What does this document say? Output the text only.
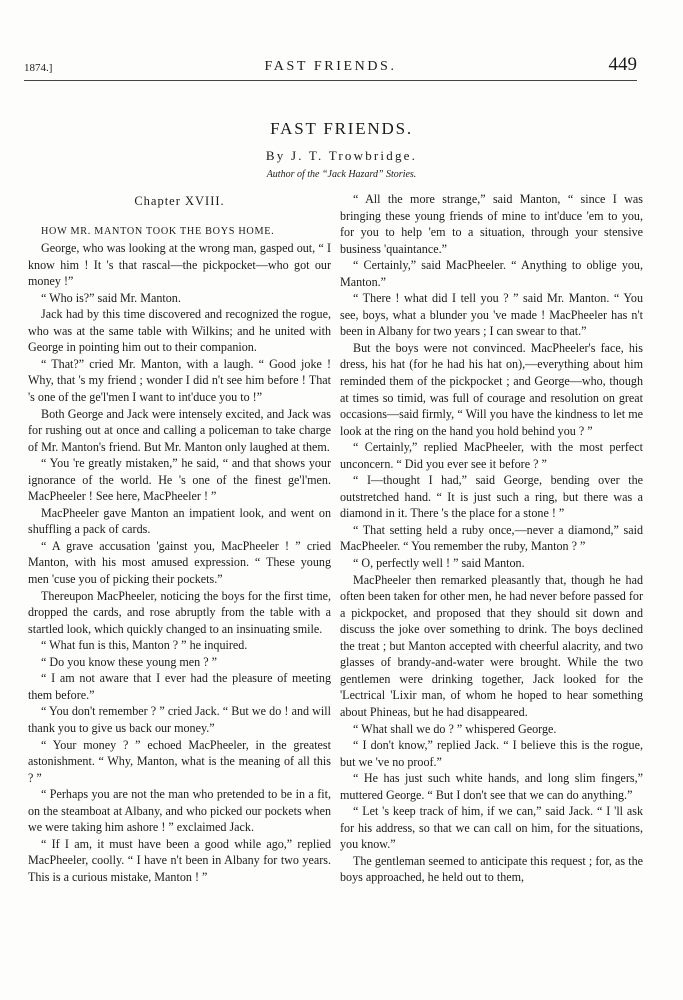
1874.]	FAST FRIENDS.	449
FAST FRIENDS.
By J. T. Trowbridge.
Author of the “Jack Hazard” Stories.
Chapter XVIII.

HOW MR. MANTON TOOK THE BOYS HOME.

George, who was looking at the wrong man, gasped out, “ I know him ! It 's that rascal—the pickpocket—who got our money !”

“ Who is?” said Mr. Manton.

Jack had by this time discovered and recognized the rogue, who was at the same table with Wilkins; and he united with George in pointing him out to their companion.

“ That?” cried Mr. Manton, with a laugh. “ Good joke ! Why, that 's my friend ; wonder I did n't see him before ! That 's one of the ge'l'men I want to int'duce you to !”

Both George and Jack were intensely excited, and Jack was for rushing out at once and calling a policeman to take charge of Mr. Manton's friend. But Mr. Manton only laughed at them.

“ You 're greatly mistaken,” he said, “ and that shows your ignorance of the world. He 's one of the finest ge'l'men. MacPheeler ! See here, MacPheeler ! ”

MacPheeler gave Manton an impatient look, and went on shuffling a pack of cards.

“ A grave accusation 'gainst you, MacPheeler ! ” cried Manton, with his most amused expression. “ These young men 'cuse you of picking their pockets.”

Thereupon MacPheeler, noticing the boys for the first time, dropped the cards, and rose abruptly from the table with a startled look, which quickly changed to an insinuating smile.

“ What fun is this, Manton ? ” he inquired.

“ Do you know these young men ? ”

“ I am not aware that I ever had the pleasure of meeting them before.”

“ You don't remember ? ” cried Jack. “ But we do ! and will thank you to give us back our money.”

“ Your money ? ” echoed MacPheeler, in the greatest astonishment. “ Why, Manton, what is the meaning of all this ? ”

“ Perhaps you are not the man who pretended to be in a fit, on the steamboat at Albany, and who picked our pockets when we were taking him ashore ! ” exclaimed Jack.

“ If I am, it must have been a good while ago,” replied MacPheeler, coolly. “ I have n't been in Albany for two years. This is a curious mistake, Manton ! ”

“ All the more strange,” said Manton, “ since I was bringing these young friends of mine to int'duce 'em to you, for you to help 'em to a situation, through your stensive business 'quaintance.”

“ Certainly,” said MacPheeler. “ Anything to oblige you, Manton.”

“ There ! what did I tell you ? ” said Mr. Manton. “ You see, boys, what a blunder you 've made ! MacPheeler has n't been in Albany for two years ; I can swear to that.”

But the boys were not convinced. MacPheeler's face, his dress, his hat (for he had his hat on),—everything about him reminded them of the pickpocket ; and George—who, though at times so timid, was full of courage and resolution on great occasions—said firmly, “ Will you have the kindness to let me look at the ring on the hand you hold behind you ? ”

“ Certainly,” replied MacPheeler, with the most perfect unconcern. “ Did you ever see it before ? ”

“ I—thought I had,” said George, bending over the outstretched hand. “ It is just such a ring, but there was a diamond in it. There 's the place for a stone ! ”

“ That setting held a ruby once,—never a diamond,” said MacPheeler. “ You remember the ruby, Manton ? ”

“ O, perfectly well ! ” said Manton.

MacPheeler then remarked pleasantly that, though he had often been taken for other men, he had never before passed for a pickpocket, and proposed that they should sit down and discuss the joke over something to drink. The boys declined the treat ; but Manton accepted with cheerful alacrity, and two glasses of brandy-and-water were brought. While the two gentlemen were drinking together, Jack looked for the 'Lectrical 'Lixir man, of whom he hoped to hear something about Phineas, but he had disappeared.

“ What shall we do ? ” whispered George.

“ I don't know,” replied Jack. “ I believe this is the rogue, but we 've no proof.”

“ He has just such white hands, and long slim fingers,” muttered George. “ But I don't see that we can do anything.”

“ Let 's keep track of him, if we can,” said Jack. “ I 'll ask for his address, so that we can call on him, for the situations, you know.”

The gentleman seemed to anticipate this request ; for, as the boys approached, he held out to them,
